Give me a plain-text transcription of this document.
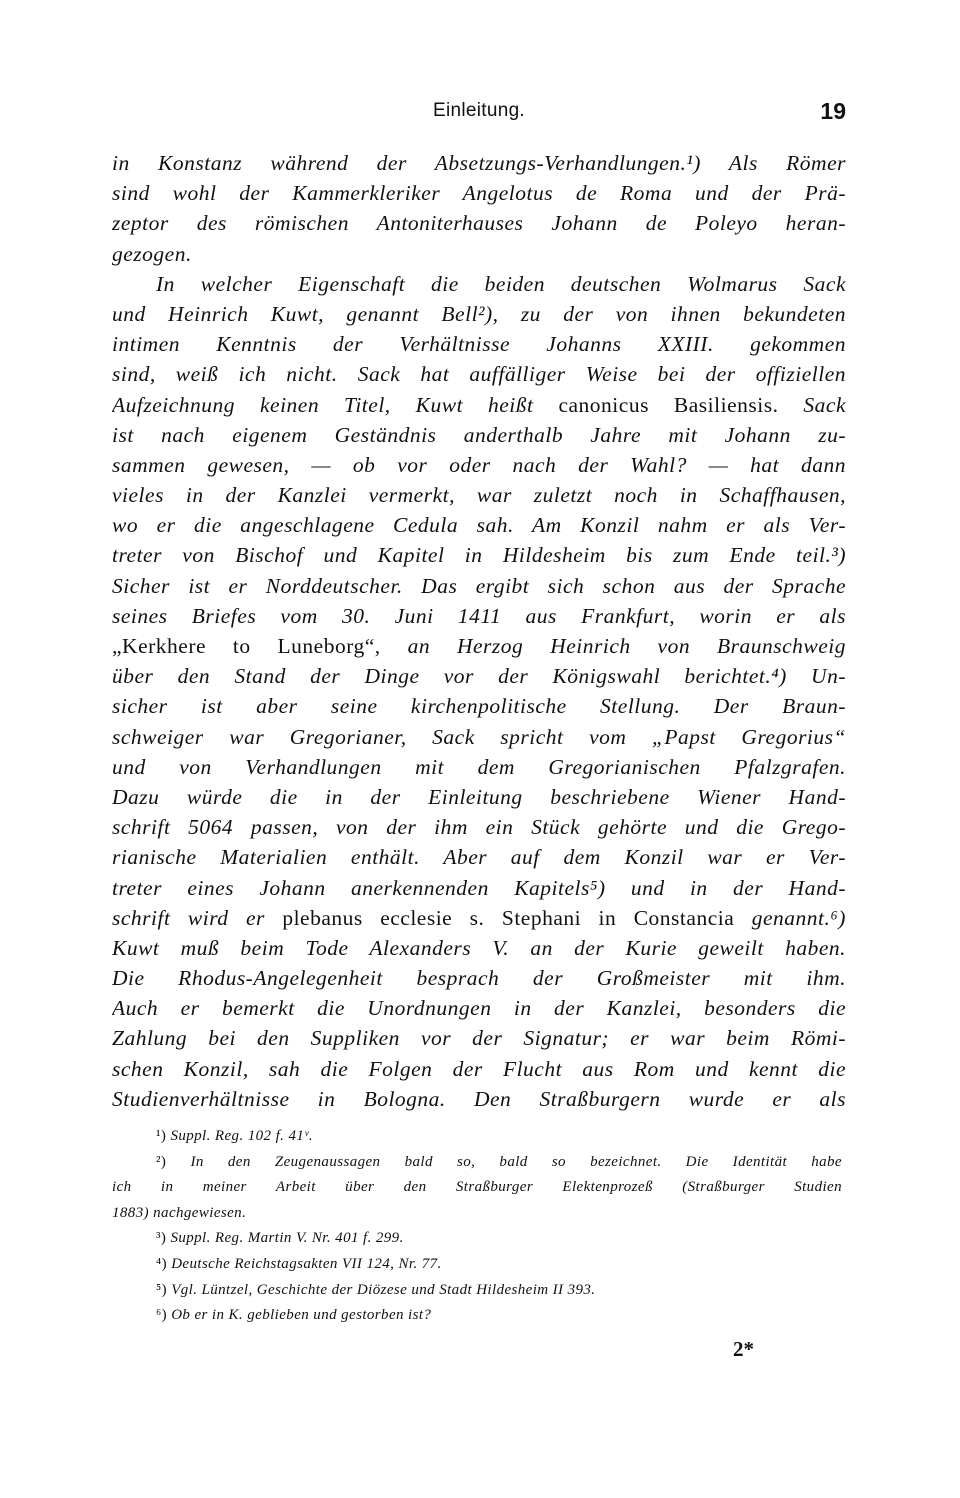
Einleitung.	19
in Konstanz während der Absetzungs-Verhandlungen.¹) Als Römer
sind wohl der Kammerkleriker Angelotus de Roma und der Prä-
zeptor des römischen Antoniterhauses Johann de Poleyo heran-
gezogen.
In welcher Eigenschaft die beiden deutschen Wolmarus Sack
und Heinrich Kuwt, genannt Bell²), zu der von ihnen bekundeten
intimen Kenntnis der Verhältnisse Johanns XXIII. gekommen
sind, weiß ich nicht. Sack hat auffälliger Weise bei der offiziellen
Aufzeichnung keinen Titel, Kuwt heißt canonicus Basiliensis. Sack
ist nach eigenem Geständnis anderthalb Jahre mit Johann zu-
sammen gewesen, — ob vor oder nach der Wahl? — hat dann
vieles in der Kanzlei vermerkt, war zuletzt noch in Schaffhausen,
wo er die angeschlagene Cedula sah. Am Konzil nahm er als Ver-
treter von Bischof und Kapitel in Hildesheim bis zum Ende teil.³)
Sicher ist er Norddeutscher. Das ergibt sich schon aus der Sprache
seines Briefes vom 30. Juni 1411 aus Frankfurt, worin er als
„Kerkhere to Luneborg“, an Herzog Heinrich von Braunschweig
über den Stand der Dinge vor der Königswahl berichtet.⁴) Un-
sicher ist aber seine kirchenpolitische Stellung. Der Braun-
schweiger war Gregorianer, Sack spricht vom „Papst Gregorius“
und von Verhandlungen mit dem Gregorianischen Pfalzgrafen.
Dazu würde die in der Einleitung beschriebene Wiener Hand-
schrift 5064 passen, von der ihm ein Stück gehörte und die Grego-
rianische Materialien enthält. Aber auf dem Konzil war er Ver-
treter eines Johann anerkennenden Kapitels⁵) und in der Hand-
schrift wird er plebanus ecclesie s. Stephani in Constancia genannt.⁶)
Kuwt muß beim Tode Alexanders V. an der Kurie geweilt haben.
Die Rhodus-Angelegenheit besprach der Großmeister mit ihm.
Auch er bemerkt die Unordnungen in der Kanzlei, besonders die
Zahlung bei den Suppliken vor der Signatur; er war beim Römi-
schen Konzil, sah die Folgen der Flucht aus Rom und kennt die
Studienverhältnisse in Bologna. Den Straßburgern wurde er als
¹) Suppl. Reg. 102 f. 41ᵛ.
²) In den Zeugenaussagen bald so, bald so bezeichnet. Die Identität habe
ich in meiner Arbeit über den Straßburger Elektenprozeß (Straßburger Studien
1883) nachgewiesen.
³) Suppl. Reg. Martin V. Nr. 401 f. 299.
⁴) Deutsche Reichstagsakten VII 124, Nr. 77.
⁵) Vgl. Lüntzel, Geschichte der Diözese und Stadt Hildesheim II 393.
⁶) Ob er in K. geblieben und gestorben ist?
2*
